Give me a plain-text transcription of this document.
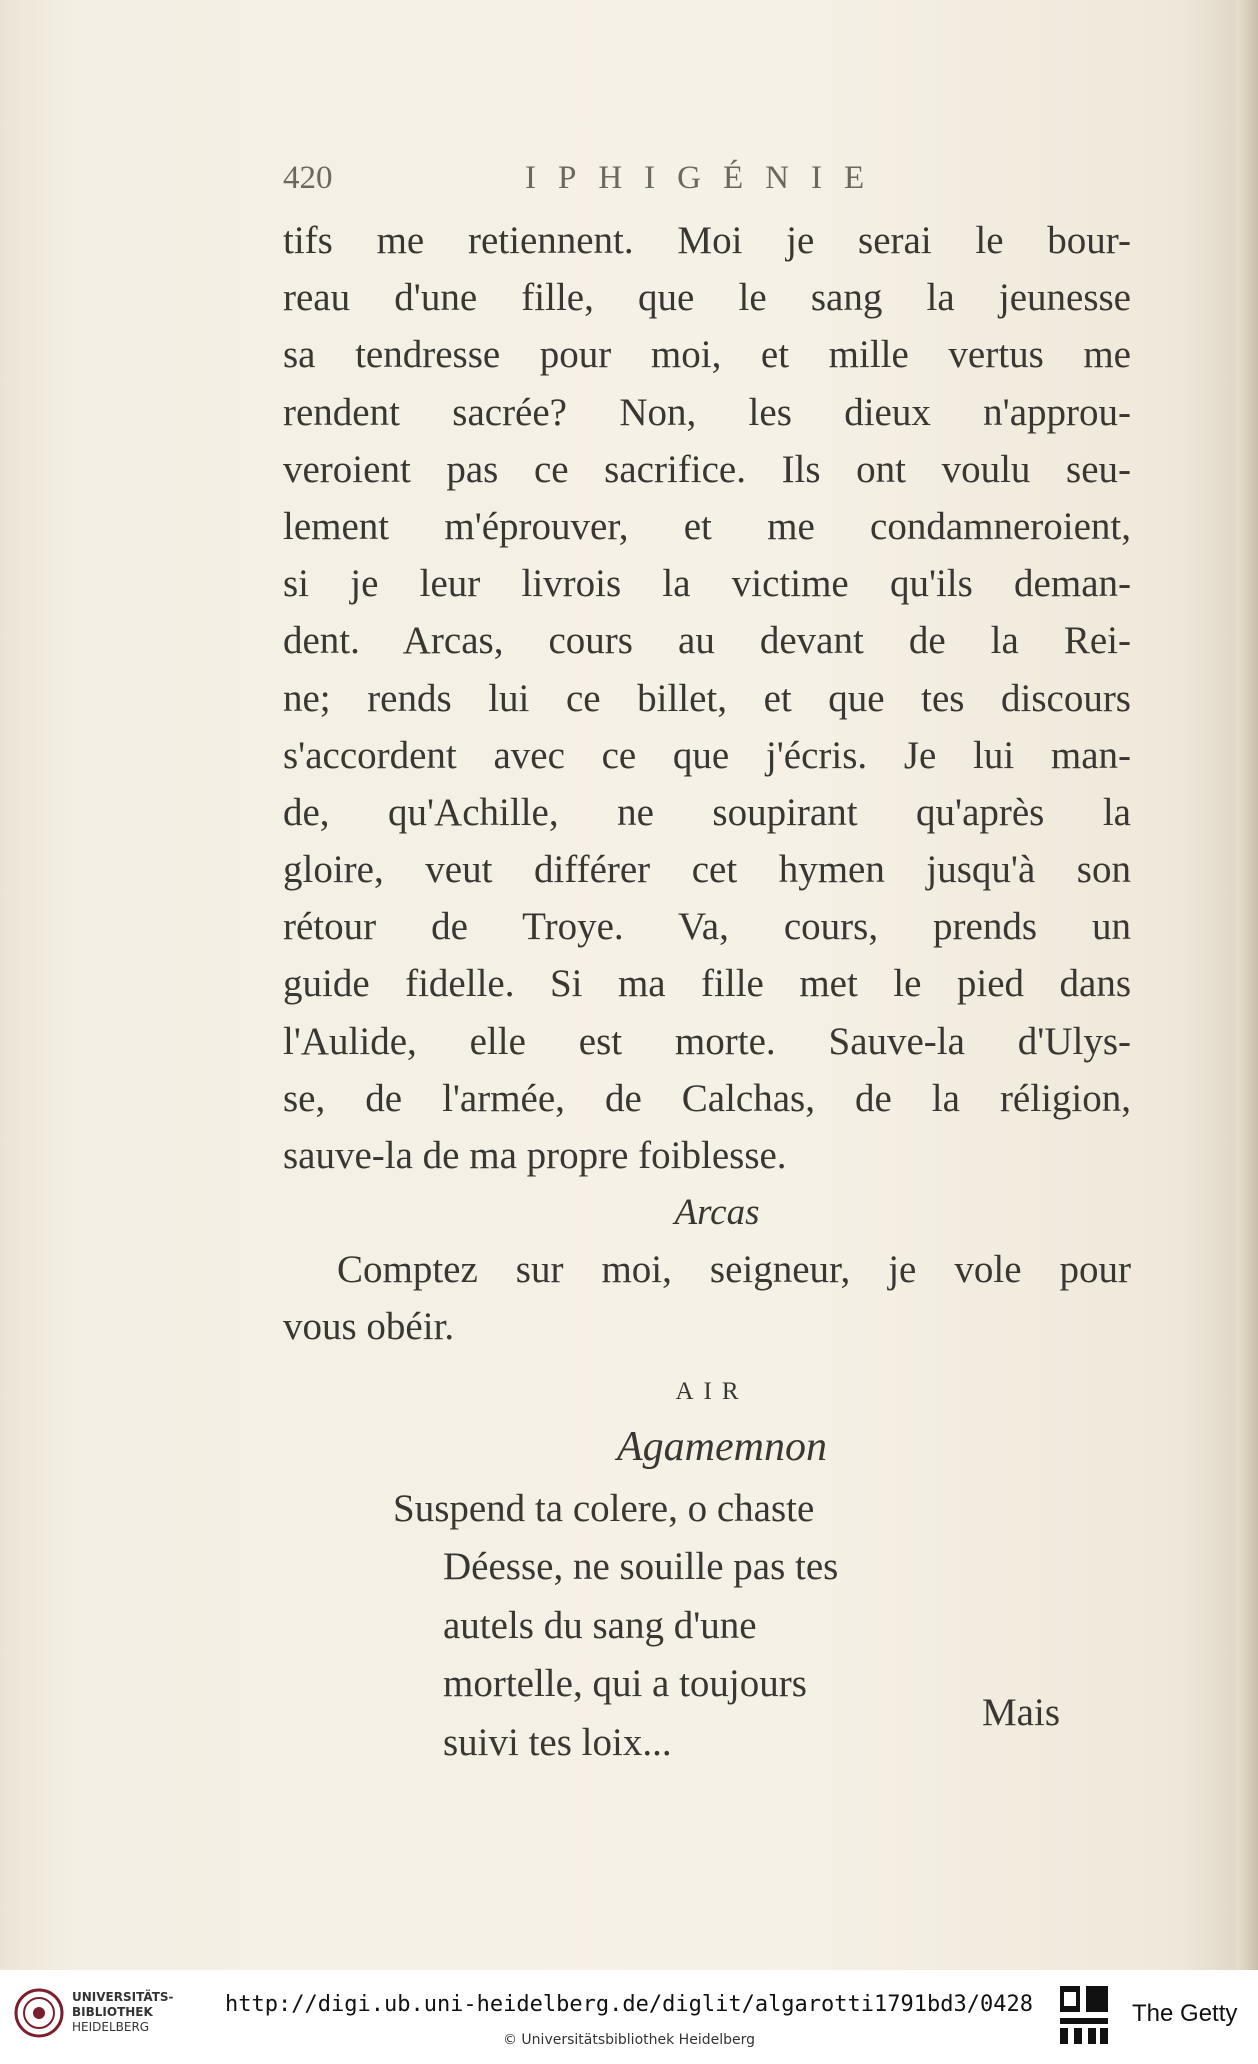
420	IPHIGÉNIE
tifs me retiennent. Moi je serai le bour-
reau d'une fille, que le sang la jeunesse
sa tendresse pour moi, et mille vertus me
rendent sacrée? Non, les dieux n'approu-
veroient pas ce sacrifice. Ils ont voulu seu-
lement m'éprouver, et me condamneroient,
si je leur livrois la victime qu'ils deman-
dent. Arcas, cours au devant de la Rei-
ne; rends lui ce billet, et que tes discours
s'accordent avec ce que j'écris. Je lui man-
de, qu'Achille, ne soupirant qu'après la
gloire, veut différer cet hymen jusqu'à son
rétour de Troye. Va, cours, prends un
guide fidelle. Si ma fille met le pied dans
l'Aulide, elle est morte. Sauve-la d'Ulys-
se, de l'armée, de Calchas, de la réligion,
sauve-la de ma propre foiblesse.
Arcas
Comptez sur moi, seigneur, je vole pour
vous obéir.
AIR
Agamemnon
Suspend ta colere, o chaste
Déesse, ne souille pas tes
autels du sang d'une
mortelle, qui a toujours
suivi tes loix...
Mais
UNIVERSITÄTS-
BIBLIOTHEK
HEIDELBERG
http://digi.ub.uni-heidelberg.de/diglit/algarotti1791bd3/0428
© Universitätsbibliothek Heidelberg
The Getty
